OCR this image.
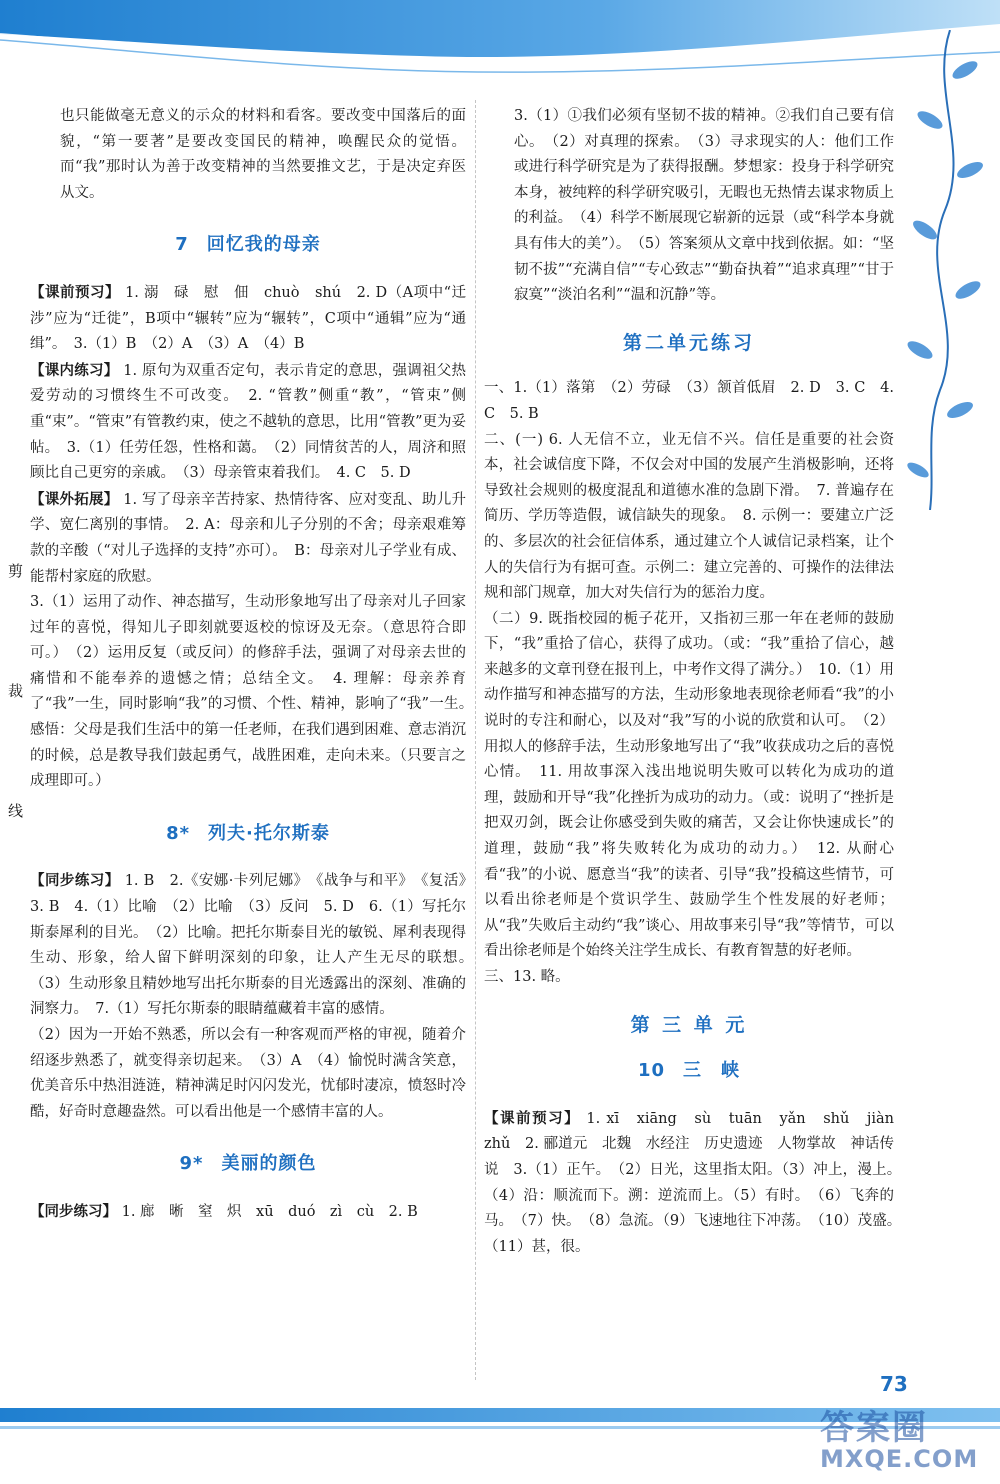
剪
裁
线

也只能做毫无意义的示众的材料和看客。要改变中国落后的面貌，“第一要著”是要改变国民的精神，唤醒民众的觉悟。而“我”那时认为善于改变精神的当然要推文艺，于是决定弃医从文。

7 回忆我的母亲

【课前预习】 1. 溺　碌　慰　佃　chuò　shú　2. D（A项中“迁涉”应为“迁徙”，B项中“辗转”应为“辗转”，C项中“通辑”应为“通缉”。　3.（1）B　（2）A　（3）A　（4）B

【课内练习】 1. 原句为双重否定句，表示肯定的意思，强调祖父热爱劳动的习惯终生不可改变。　2. “管教”侧重“教”，“管束”侧重“束”。“管束”有管教约束，使之不越轨的意思，比用“管教”更为妥帖。　3.（1）任劳任怨，性格和蔼。　（2）同情贫苦的人，周济和照顾比自己更穷的亲戚。　（3）母亲管束着我们。　4. C　5. D

【课外拓展】 1. 写了母亲辛苦持家、热情待客、应对变乱、助儿升学、宽仁离别的事情。　2. A：母亲和儿子分别的不舍；母亲艰难筹款的辛酸（“对儿子选择的支持”亦可）。　B：母亲对儿子学业有成、能帮村家庭的欣慰。

3.（1）运用了动作、神态描写，生动形象地写出了母亲对儿子回家过年的喜悦，得知儿子即刻就要返校的惊讶及无奈。（意思符合即可。）　（2）运用反复（或反问）的修辞手法，强调了对母亲去世的痛惜和不能奉养的遗憾之情；总结全文。　4. 理解：母亲养育了“我”一生，同时影响“我”的习惯、个性、精神，影响了“我”一生。　感悟：父母是我们生活中的第一任老师，在我们遇到困难、意志消沉的时候，总是教导我们鼓起勇气，战胜困难，走向未来。（只要言之成理即可。）

8* 列夫·托尔斯泰

【同步练习】 1. B　2.《安娜·卡列尼娜》　《战争与和平》　《复活》　3. B　4.（1）比喻　（2）比喻　（3）反问　5. D　6.（1）写托尔斯泰犀利的目光。　（2）比喻。把托尔斯泰目光的敏锐、犀利表现得生动、形象，给人留下鲜明深刻的印象，让人产生无尽的联想。　（3）生动形象且精妙地写出托尔斯泰的目光透露出的深刻、准确的洞察力。　7.（1）写托尔斯泰的眼睛蕴藏着丰富的感情。

（2）因为一开始不熟悉，所以会有一种客观而严格的审视，随着介绍逐步熟悉了，就变得亲切起来。　（3）A　（4）愉悦时满含笑意，优美音乐中热泪涟涟，精神满足时闪闪发光，忧郁时凄凉，愤怒时冷酷，好奇时意趣盎然。可以看出他是一个感情丰富的人。

9* 美丽的颜色

【同步练习】 1. 廊　晰　窒　炽　xū　duó　zì　cù　2. B

3.（1）①我们必须有坚韧不拔的精神。②我们自己要有信心。　（2）对真理的探索。　（3）寻求现实的人：他们工作或进行科学研究是为了获得报酬。梦想家：投身于科学研究本身，被纯粹的科学研究吸引，无暇也无热情去谋求物质上的利益。　（4）科学不断展现它崭新的远景（或“科学本身就具有伟大的美”）。　（5）答案须从文章中找到依据。如：“坚韧不拔”“充满自信”“专心致志”“勤奋执着”“追求真理”“甘于寂寞”“淡泊名利”“温和沉静”等。

第二单元练习

一、1.（1）落第　（2）劳碌　（3）颔首低眉　2. D　3. C　4. C　5. B

二、(一) 6. 人无信不立，业无信不兴。信任是重要的社会资本，社会诚信度下降，不仅会对中国的发展产生消极影响，还将导致社会规则的极度混乱和道德水准的急剧下滑。　7. 普遍存在简历、学历等造假，诚信缺失的现象。　8. 示例一：要建立广泛的、多层次的社会征信体系，通过建立个人诚信记录档案，让个人的失信行为有据可查。示例二：建立完善的、可操作的法律法规和部门规章，加大对失信行为的惩治力度。

（二）9. 既指校园的栀子花开，又指初三那一年在老师的鼓励下，“我”重拾了信心，获得了成功。（或：“我”重拾了信心，越来越多的文章刊登在报刊上，中考作文得了满分。）　10.（1）用动作描写和神态描写的方法，生动形象地表现徐老师看“我”的小说时的专注和耐心，以及对“我”写的小说的欣赏和认可。　（2）用拟人的修辞手法，生动形象地写出了“我”收获成功之后的喜悦心情。　11. 用故事深入浅出地说明失败可以转化为成功的道理，鼓励和开导“我”化挫折为成功的动力。（或：说明了“挫折是把双刃剑，既会让你感受到失败的痛苦，又会让你快速成长”的道理，鼓励“我”将失败转化为成功的动力。）　12. 从耐心看“我”的小说、愿意当“我”的读者、引导“我”投稿这些情节，可以看出徐老师是个赏识学生、鼓励学生个性发展的好老师；从“我”失败后主动约“我”谈心、用故事来引导“我”等情节，可以看出徐老师是个始终关注学生成长、有教育智慧的好老师。

三、13. 略。

第 三 单 元
10 三　峡

【课前预习】 1. xī　xiāng　sù　tuān　yǎn　shǔ　jiàn　zhǔ　2. 郦道元　北魏　水经注　历史遗迹　人物掌故　神话传说　3.（1）正午。　（2）日光，这里指太阳。（3）冲上，漫上。　（4）沿：顺流而下。溯：逆流而上。（5）有时。　（6）飞奔的马。　（7）快。　（8）急流。（9）飞速地往下冲荡。　（10）茂盛。　（11）甚，很。

73
答案圈
MXQE.COM
